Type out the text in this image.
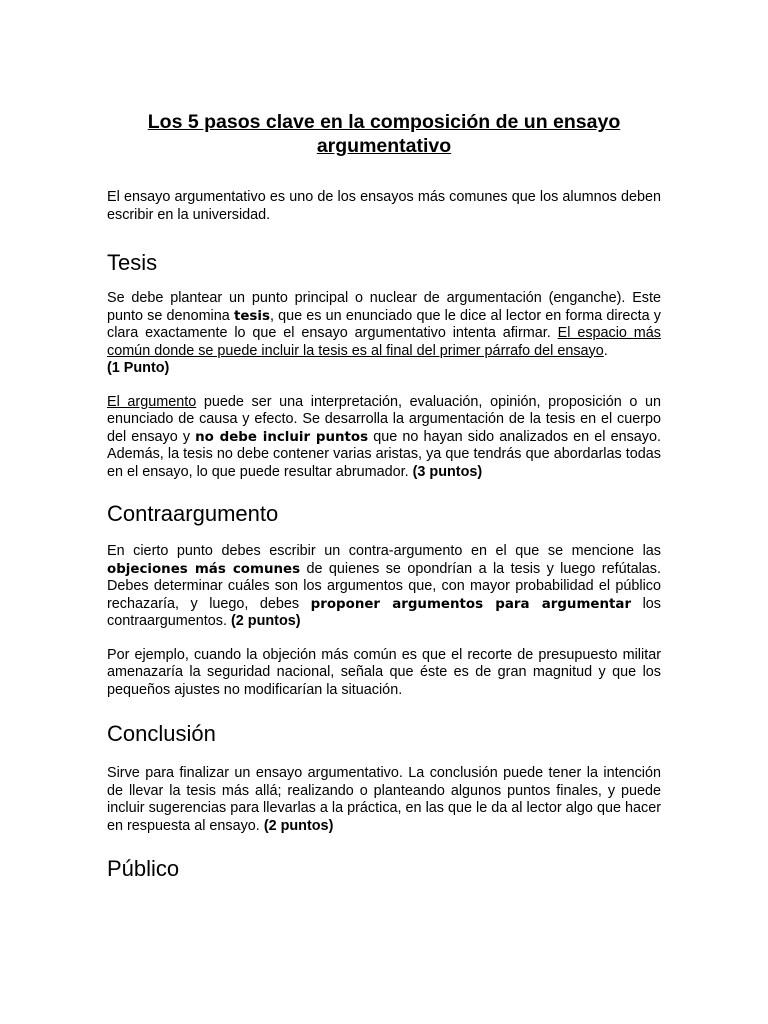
Los 5 pasos clave en la composición de un ensayo
argumentativo

El ensayo argumentativo es uno de los ensayos más comunes que los alumnos deben escribir en la universidad.

Tesis

Se debe plantear un punto principal o nuclear de argumentación (enganche). Este punto se denomina tesis, que es un enunciado que le dice al lector en forma directa y clara exactamente lo que el ensayo argumentativo intenta afirmar. El espacio más común donde se puede incluir la tesis es al final del primer párrafo del ensayo.

(1 Punto)

El argumento puede ser una interpretación, evaluación, opinión, proposición o un enunciado de causa y efecto. Se desarrolla la argumentación de la tesis en el cuerpo del ensayo y no debe incluir puntos que no hayan sido analizados en el ensayo. Además, la tesis no debe contener varias aristas, ya que tendrás que abordarlas todas en el ensayo, lo que puede resultar abrumador. (3 puntos)

Contraargumento

En cierto punto debes escribir un contra-argumento en el que se mencione las objeciones más comunes de quienes se opondrían a la tesis y luego refútalas. Debes determinar cuáles son los argumentos que, con mayor probabilidad el público rechazaría, y luego, debes proponer argumentos para argumentar los contraargumentos. (2 puntos)

Por ejemplo, cuando la objeción más común es que el recorte de presupuesto militar amenazaría la seguridad nacional, señala que éste es de gran magnitud y que los pequeños ajustes no modificarían la situación.

Conclusión

Sirve para finalizar un ensayo argumentativo. La conclusión puede tener la intención de llevar la tesis más allá; realizando o planteando algunos puntos finales, y puede incluir sugerencias para llevarlas a la práctica, en las que le da al lector algo que hacer en respuesta al ensayo. (2 puntos)

Público
